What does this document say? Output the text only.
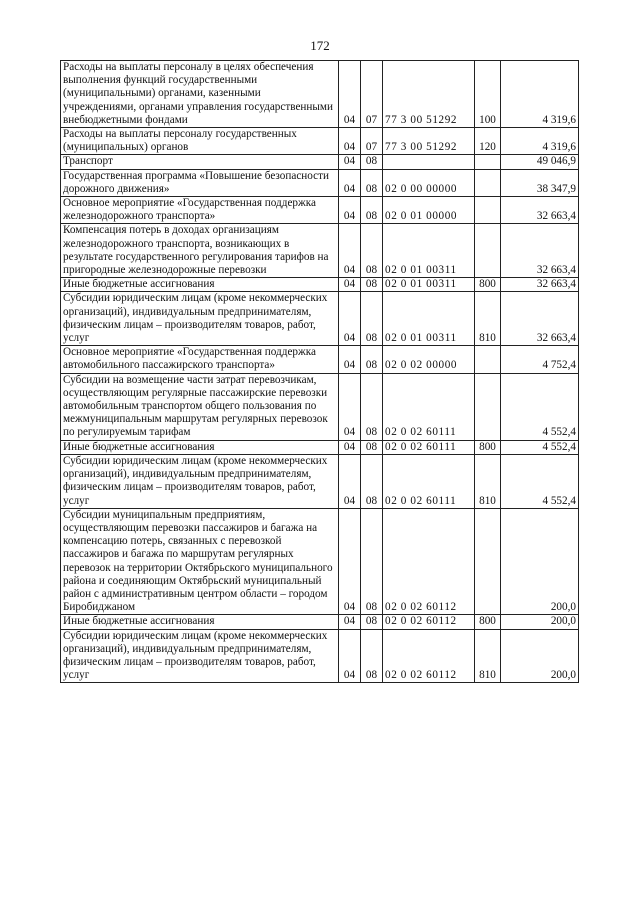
172
Расходы на выплаты персоналу в целях обеспечения выполнения функций государственными (муниципальными) органами, казенными учреждениями, органами управления государственными внебюджетными фондами	04	07	77 3 00 51292	100	4 319,6
Расходы на выплаты персоналу государственных (муниципальных) органов	04	07	77 3 00 51292	120	4 319,6
Транспорт	04	08			49 046,9
Государственная программа «Повышение безопасности дорожного движения»	04	08	02 0 00 00000		38 347,9
Основное мероприятие «Государственная поддержка железнодорожного транспорта»	04	08	02 0 01 00000		32 663,4
Компенсация потерь в доходах организациям железнодорожного транспорта, возникающих в результате государственного регулирования тарифов на пригородные железнодорожные перевозки	04	08	02 0 01 00311		32 663,4
Иные бюджетные ассигнования	04	08	02 0 01 00311	800	32 663,4
Субсидии юридическим лицам (кроме некоммерческих организаций), индивидуальным предпринимателям, физическим лицам – производителям товаров, работ, услуг	04	08	02 0 01 00311	810	32 663,4
Основное мероприятие «Государственная поддержка автомобильного пассажирского транспорта»	04	08	02 0 02 00000		4 752,4
Субсидии на возмещение части затрат перевозчикам, осуществляющим регулярные пассажирские перевозки автомобильным транспортом общего пользования по межмуниципальным маршрутам регулярных перевозок по регулируемым тарифам	04	08	02 0 02 60111		4 552,4
Иные бюджетные ассигнования	04	08	02 0 02 60111	800	4 552,4
Субсидии юридическим лицам (кроме некоммерческих организаций), индивидуальным предпринимателям, физическим лицам – производителям товаров, работ, услуг	04	08	02 0 02 60111	810	4 552,4
Субсидии муниципальным предприятиям, осуществляющим перевозки пассажиров и багажа на компенсацию потерь, связанных с перевозкой пассажиров и багажа по маршрутам регулярных перевозок на территории Октябрьского муниципального района и соединяющим Октябрьский муниципальный район с административным центром области – городом Биробиджаном	04	08	02 0 02 60112		200,0
Иные бюджетные ассигнования	04	08	02 0 02 60112	800	200,0
Субсидии юридическим лицам (кроме некоммерческих организаций), индивидуальным предпринимателям, физическим лицам – производителям товаров, работ, услуг	04	08	02 0 02 60112	810	200,0
